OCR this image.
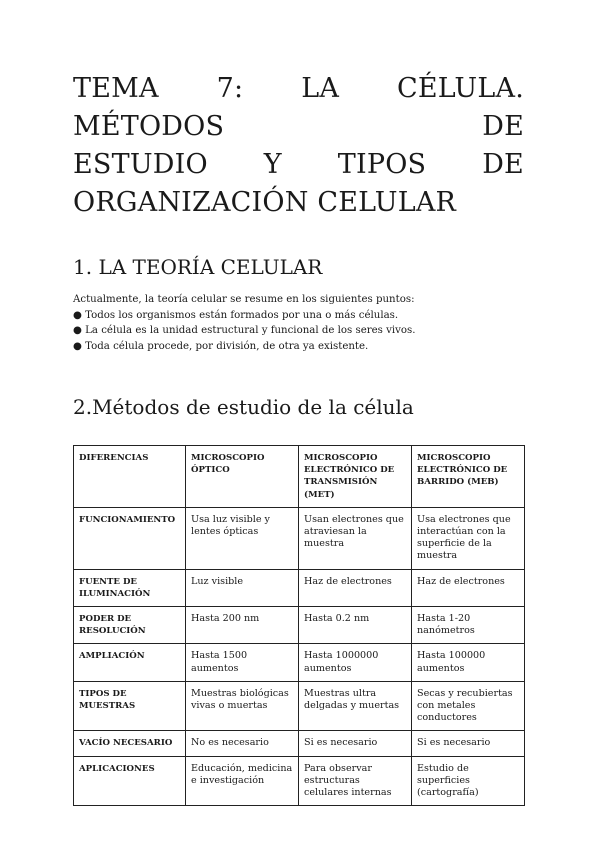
TEMA 7: LA CÉLULA. MÉTODOS DE
ESTUDIO Y TIPOS DE
ORGANIZACIÓN CELULAR
1. LA TEORÍA CELULAR

Actualmente, la teoría celular se resume en los siguientes puntos:

● Todos los organismos están formados por una o más células.

● La célula es la unidad estructural y funcional de los seres vivos.

● Toda célula procede, por división, de otra ya existente.

2.Métodos de estudio de la célula
DIFERENCIAS	MICROSCOPIO ÓPTICO	MICROSCOPIO ELECTRÓNICO DE TRANSMISIÓN (MET)	MICROSCOPIO ELECTRÓNICO DE BARRIDO (MEB)
FUNCIONAMIENTO	Usa luz visible y lentes ópticas	Usan electrones que atraviesan la muestra	Usa electrones que interactúan con la superficie de la muestra
FUENTE DE ILUMINACIÓN	Luz visible	Haz de electrones	Haz de electrones
PODER DE RESOLUCIÓN	Hasta 200 nm	Hasta 0.2 nm	Hasta 1-20 nanómetros
AMPLIACIÓN	Hasta 1500 aumentos	Hasta 1000000 aumentos	Hasta 100000 aumentos
TIPOS DE MUESTRAS	Muestras biológicas vivas o muertas	Muestras ultra delgadas y muertas	Secas y recubiertas con metales conductores
VACÍO NECESARIO	No es necesario	Si es necesario	Si es necesario
APLICACIONES	Educación, medicina e investigación	Para observar estructuras celulares internas	Estudio de superficies (cartografía)
